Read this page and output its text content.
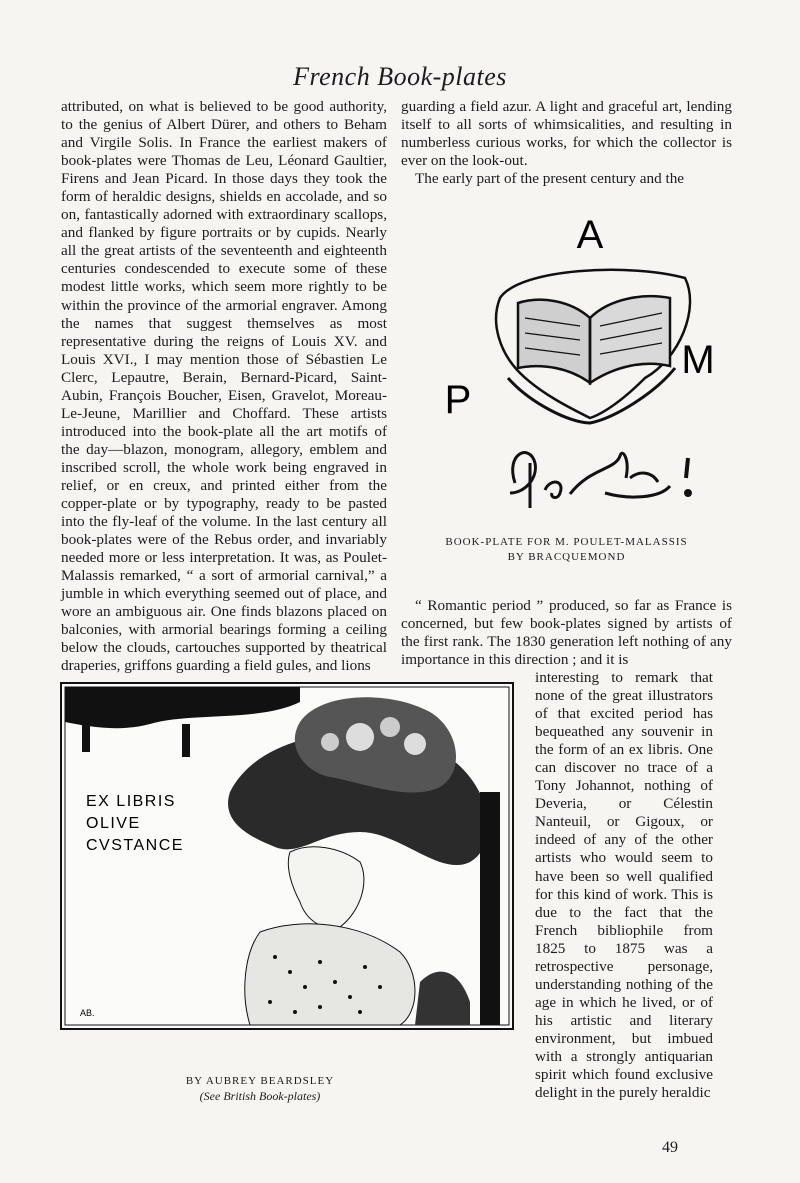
French Book-plates

attributed, on what is believed to be good authority, to the genius of Albert Dürer, and others to Beham and Virgile Solis. In France the earliest makers of book-plates were Thomas de Leu, Léonard Gaultier, Firens and Jean Picard. In those days they took the form of heraldic designs, shields en accolade, and so on, fantastically adorned with extraordinary scallops, and flanked by figure portraits or by cupids. Nearly all the great artists of the seventeenth and eighteenth centuries condescended to execute some of these modest little works, which seem more rightly to be within the province of the armorial engraver. Among the names that suggest themselves as most representative during the reigns of Louis XV. and Louis XVI., I may mention those of Sébastien Le Clerc, Lepautre, Berain, Bernard-Picard, Saint-Aubin, François Boucher, Eisen, Gravelot, Moreau-Le-Jeune, Marillier and Choffard. These artists introduced into the book-plate all the art motifs of the day—blazon, monogram, allegory, emblem and inscribed scroll, the whole work being engraved in relief, or en creux, and printed either from the copper-plate or by typography, ready to be pasted into the fly-leaf of the volume. In the last century all book-plates were of the Rebus order, and invariably needed more or less interpretation. It was, as Poulet-Malassis remarked, “ a sort of armorial carnival,” a jumble in which everything seemed out of place, and wore an ambiguous air. One finds blazons placed on balconies, with armorial bearings forming a ceiling below the clouds, cartouches supported by theatrical draperies, griffons guarding a field gules, and lions

guarding a field azur. A light and graceful art, lending itself to all sorts of whimsicalities, and resulting in numberless curious works, for which the collector is ever on the look-out.

The early part of the present century and the

A
P
M
BOOK-PLATE FOR M. POULET-MALASSIS
BY BRACQUEMOND

“ Romantic period ” produced, so far as France is concerned, but few book-plates signed by artists of the first rank. The 1830 generation left nothing of any importance in this direction ; and it is

interesting to remark that none of the great illustrators of that excited period has bequeathed any souvenir in the form of an ex libris. One can discover no trace of a Tony Johannot, nothing of Deveria, or Célestin Nanteuil, or Gigoux, or indeed of any of the other artists who would seem to have been so well qualified for this kind of work. This is due to the fact that the French bibliophile from 1825 to 1875 was a retrospective personage, understanding nothing of the age in which he lived, or of his artistic and literary environment, but imbued with a strongly antiquarian spirit which found exclusive delight in the purely heraldic

EX LIBRIS
OLIVE
CVSTANCE
AB.
BY AUBREY BEARDSLEY
(See British Book-plates)
49
